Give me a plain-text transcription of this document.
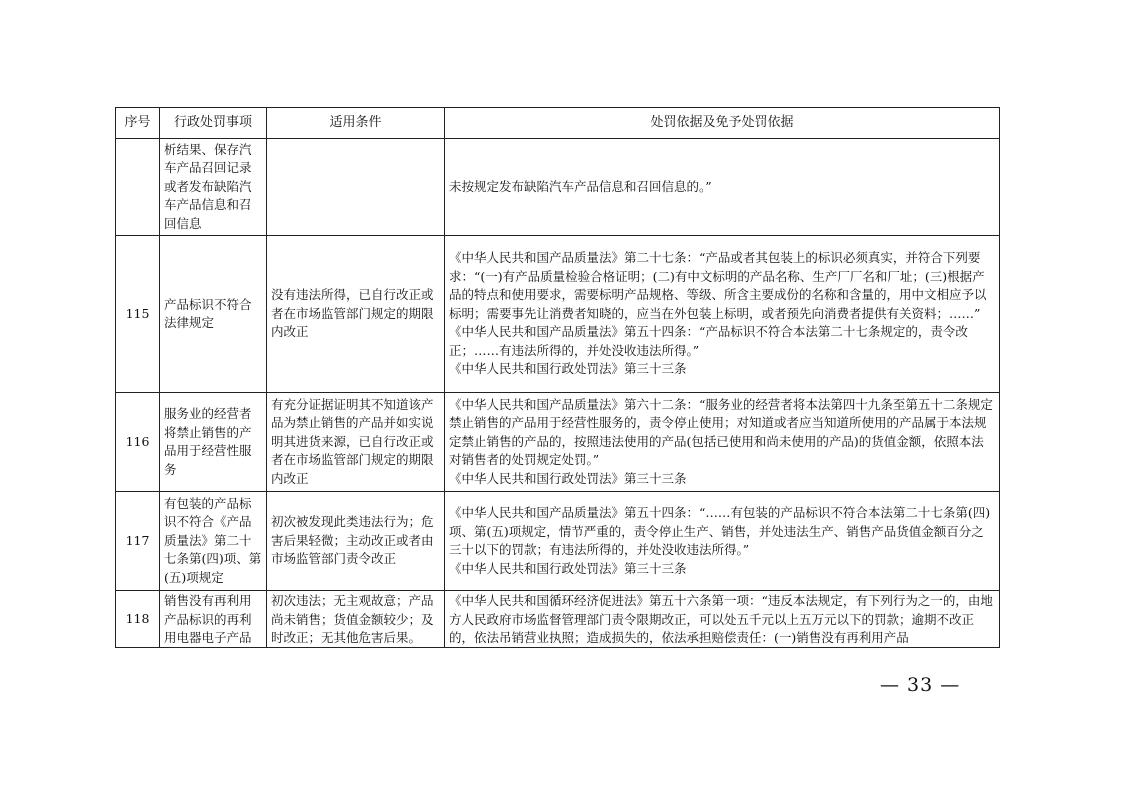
序号	行政处罚事项	适用条件	处罚依据及免予处罚依据
	析结果、保存汽车产品召回记录或者发布缺陷汽车产品信息和召回信息		未按规定发布缺陷汽车产品信息和召回信息的。”

115	产品标识不符合法律规定	没有违法所得，已自行改正或者在市场监管部门规定的期限内改正	《中华人民共和国产品质量法》第二十七条：“产品或者其包装上的标识必须真实，并符合下列要求：“(一)有产品质量检验合格证明；(二)有中文标明的产品名称、生产厂厂名和厂址；(三)根据产品的特点和使用要求，需要标明产品规格、等级、所含主要成份的名称和含量的，用中文相应予以标明；需要事先让消费者知晓的，应当在外包装上标明，或者预先向消费者提供有关资料；……”
《中华人民共和国产品质量法》第五十四条：“产品标识不符合本法第二十七条规定的，责令改正；……有违法所得的，并处没收违法所得。”
《中华人民共和国行政处罚法》第三十三条

116	服务业的经营者将禁止销售的产品用于经营性服务	有充分证据证明其不知道该产品为禁止销售的产品并如实说明其进货来源，已自行改正或者在市场监管部门规定的期限内改正	《中华人民共和国产品质量法》第六十二条：“服务业的经营者将本法第四十九条至第五十二条规定禁止销售的产品用于经营性服务的，责令停止使用；对知道或者应当知道所使用的产品属于本法规定禁止销售的产品的，按照违法使用的产品(包括已使用和尚未使用的产品)的货值金额，依照本法对销售者的处罚规定处罚。”
《中华人民共和国行政处罚法》第三十三条

117	有包装的产品标识不符合《产品质量法》第二十七条第(四)项、第(五)项规定	初次被发现此类违法行为；危害后果轻微；主动改正或者由市场监管部门责令改正	《中华人民共和国产品质量法》第五十四条：“……有包装的产品标识不符合本法第二十七条第(四)项、第(五)项规定，情节严重的，责令停止生产、销售，并处违法生产、销售产品货值金额百分之三十以下的罚款；有违法所得的，并处没收违法所得。”
《中华人民共和国行政处罚法》第三十三条

118	销售没有再利用产品标识的再利用电器电子产品	初次违法；无主观故意；产品尚未销售；货值金额较少；及时改正；无其他危害后果。	《中华人民共和国循环经济促进法》第五十六条第一项：“违反本法规定，有下列行为之一的，由地方人民政府市场监督管理部门责令限期改正，可以处五千元以上五万元以下的罚款；逾期不改正的，依法吊销营业执照；造成损失的，依法承担赔偿责任：(一)销售没有再利用产品
— 33 —
